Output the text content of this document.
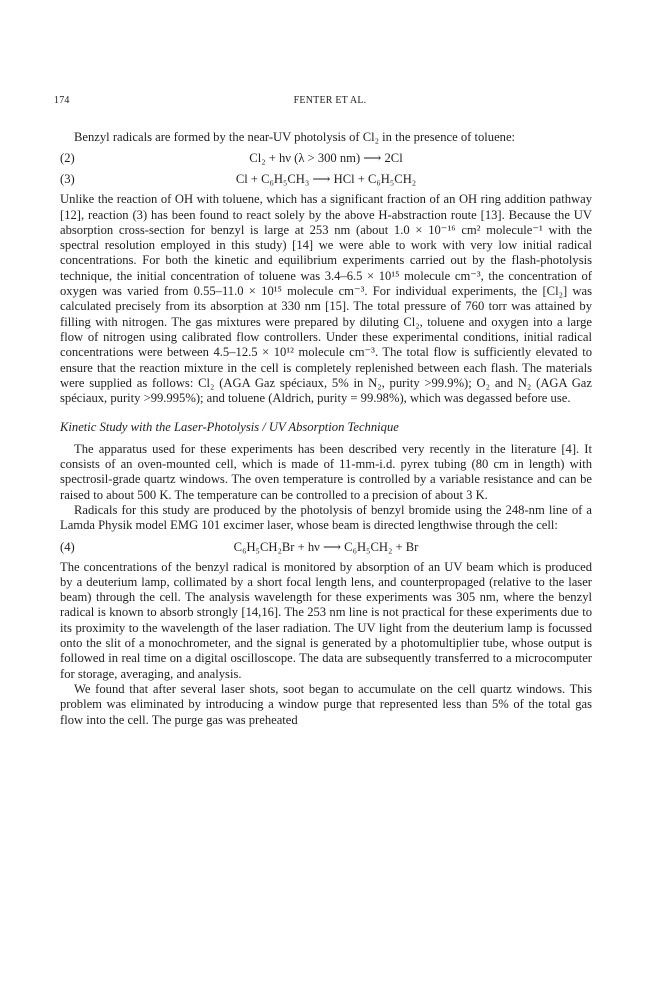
174	FENTER ET AL.

Benzyl radicals are formed by the near-UV photolysis of Cl₂ in the presence of toluene:

(2)	Cl₂ + hν (λ > 300 nm) ⟶ 2Cl
(3)	Cl + C₆H₅CH₃ ⟶ HCl + C₆H₅CH₂

Unlike the reaction of OH with toluene, which has a significant fraction of an OH ring addition pathway [12], reaction (3) has been found to react solely by the above H-abstraction route [13]. Because the UV absorption cross-section for benzyl is large at 253 nm (about 1.0 × 10⁻¹⁶ cm² molecule⁻¹ with the spectral resolution employed in this study) [14] we were able to work with very low initial radical concentrations. For both the kinetic and equilibrium experiments carried out by the flash-photolysis technique, the initial concentration of toluene was 3.4–6.5 × 10¹⁵ molecule cm⁻³, the concentration of oxygen was varied from 0.55–11.0 × 10¹⁵ molecule cm⁻³. For individual experiments, the [Cl₂] was calculated precisely from its absorption at 330 nm [15]. The total pressure of 760 torr was attained by filling with nitrogen. The gas mixtures were prepared by diluting Cl₂, toluene and oxygen into a large flow of nitrogen using calibrated flow controllers. Under these experimental conditions, initial radical concentrations were between 4.5–12.5 × 10¹² molecule cm⁻³. The total flow is sufficiently elevated to ensure that the reaction mixture in the cell is completely replenished between each flash. The materials were supplied as follows: Cl₂ (AGA Gaz spéciaux, 5% in N₂, purity >99.9%); O₂ and N₂ (AGA Gaz spéciaux, purity >99.995%); and toluene (Aldrich, purity = 99.98%), which was degassed before use.

Kinetic Study with the Laser-Photolysis / UV Absorption Technique

The apparatus used for these experiments has been described very recently in the literature [4]. It consists of an oven-mounted cell, which is made of 11-mm-i.d. pyrex tubing (80 cm in length) with spectrosil-grade quartz windows. The oven temperature is controlled by a variable resistance and can be raised to about 500 K. The temperature can be controlled to a precision of about 3 K.

Radicals for this study are produced by the photolysis of benzyl bromide using the 248-nm line of a Lamda Physik model EMG 101 excimer laser, whose beam is directed lengthwise through the cell:

(4)	C₆H₅CH₂Br + hν ⟶ C₆H₅CH₂ + Br

The concentrations of the benzyl radical is monitored by absorption of an UV beam which is produced by a deuterium lamp, collimated by a short focal length lens, and counterpropaged (relative to the laser beam) through the cell. The analysis wavelength for these experiments was 305 nm, where the benzyl radical is known to absorb strongly [14,16]. The 253 nm line is not practical for these experiments due to its proximity to the wavelength of the laser radiation. The UV light from the deuterium lamp is focussed onto the slit of a monochrometer, and the signal is generated by a photomultiplier tube, whose output is followed in real time on a digital oscilloscope. The data are subsequently transferred to a microcomputer for storage, averaging, and analysis.

We found that after several laser shots, soot began to accumulate on the cell quartz windows. This problem was eliminated by introducing a window purge that represented less than 5% of the total gas flow into the cell. The purge gas was preheated
